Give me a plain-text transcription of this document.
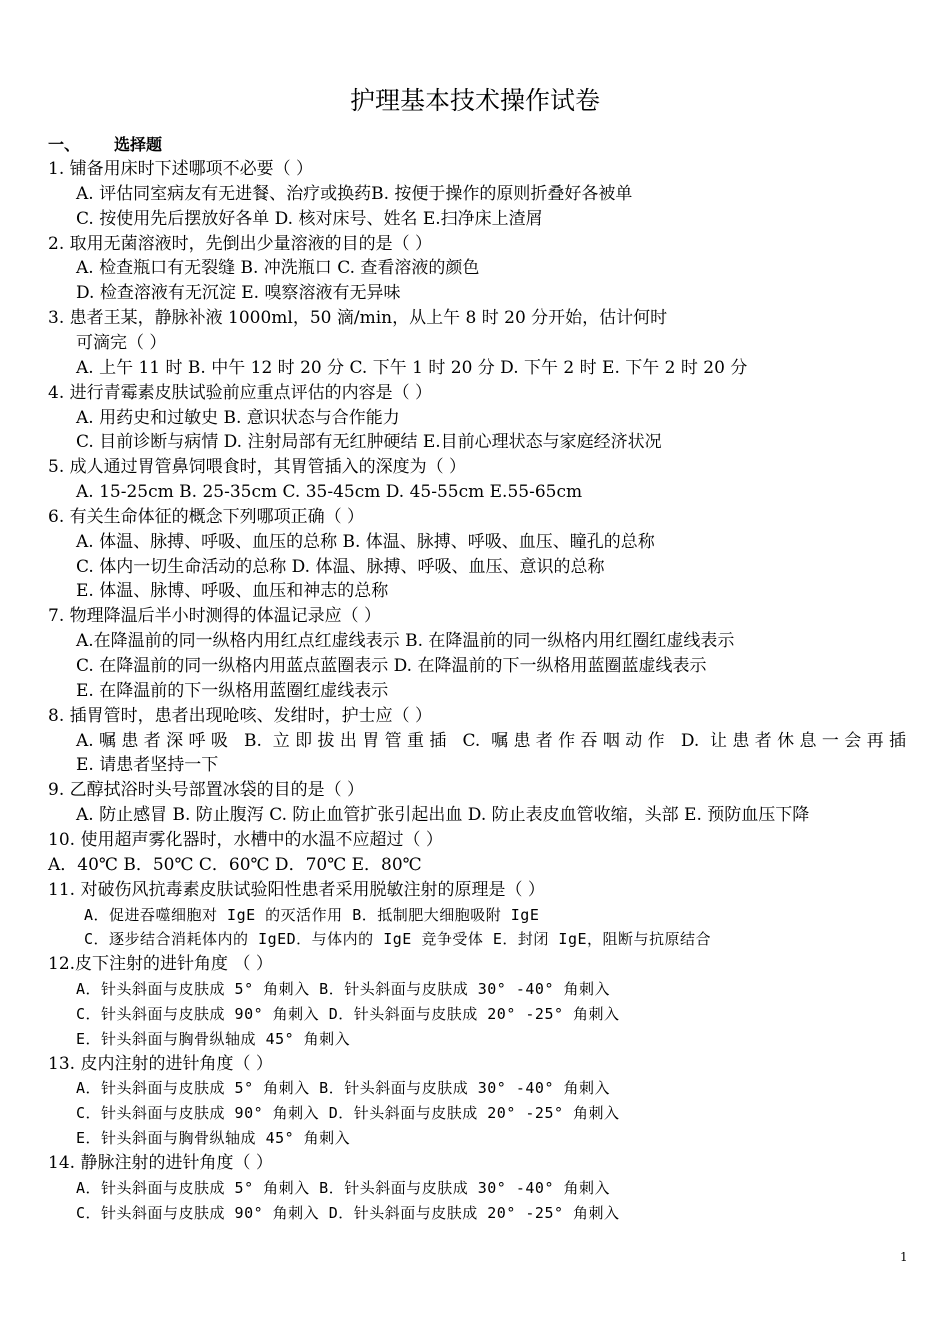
护理基本技术操作试卷
一、 选择题
1. 铺备用床时下述哪项不必要（ ）
A. 评估同室病友有无进餐、治疗或换药B. 按便于操作的原则折叠好各被单
C. 按使用先后摆放好各单 D. 核对床号、姓名 E.扫净床上渣屑
2. 取用无菌溶液时，先倒出少量溶液的目的是（ ）
A. 检查瓶口有无裂缝 B. 冲洗瓶口 C. 查看溶液的颜色
D. 检查溶液有无沉淀 E. 嗅察溶液有无异味
3. 患者王某，静脉补液 1000ml，50 滴/min，从上午 8 时 20 分开始，估计何时
可滴完（ ）
A. 上午 11 时 B. 中午 12 时 20 分 C. 下午 1 时 20 分 D. 下午 2 时 E. 下午 2 时 20 分
4. 进行青霉素皮肤试验前应重点评估的内容是（ ）
A. 用药史和过敏史 B. 意识状态与合作能力
C. 目前诊断与病情 D. 注射局部有无红肿硬结 E.目前心理状态与家庭经济状况
5. 成人通过胃管鼻饲喂食时，其胃管插入的深度为（ ）
A. 15-25cm B. 25-35cm C. 35-45cm D. 45-55cm E.55-65cm
6. 有关生命体征的概念下列哪项正确（ ）
A. 体温、脉搏、呼吸、血压的总称 B. 体温、脉搏、呼吸、血压、瞳孔的总称
C. 体内一切生命活动的总称 D. 体温、脉搏、呼吸、血压、意识的总称
E. 体温、脉博、呼吸、血压和神志的总称
7. 物理降温后半小时测得的体温记录应（ ）
A.在降温前的同一纵格内用红点红虚线表示 B. 在降温前的同一纵格内用红圈红虚线表示
C. 在降温前的同一纵格内用蓝点蓝圈表示 D. 在降温前的下一纵格用蓝圈蓝虚线表示
E. 在降温前的下一纵格用蓝圈红虚线表示
8. 插胃管时，患者出现呛咳、发绀时，护士应（ ）
A.嘱患者深呼吸 B. 立即拔出胃管重插 C. 嘱患者作吞咽动作 D. 让患者休息一会再插
E. 请患者坚持一下
9. 乙醇拭浴时头号部置冰袋的目的是（ ）
A. 防止感冒 B. 防止腹泻 C. 防止血管扩张引起出血 D. 防止表皮血管收缩，头部 E. 预防血压下降
10. 使用超声雾化器时，水槽中的水温不应超过（ ）
A．40℃ B．50℃ C．60℃ D．70℃ E．80℃
11. 对破伤风抗毒素皮肤试验阳性患者采用脱敏注射的原理是（ ）
A．促进吞噬细胞对 IgE 的灭活作用 B．抵制肥大细胞吸附 IgE
C．逐步结合消耗体内的 IgED．与体内的 IgE 竞争受体 E．封闭 IgE，阻断与抗原结合
12.皮下注射的进针角度 （ ）
A．针头斜面与皮肤成 5° 角刺入 B．针头斜面与皮肤成 30° -40° 角刺入
C．针头斜面与皮肤成 90° 角刺入 D．针头斜面与皮肤成 20° -25° 角刺入
E．针头斜面与胸骨纵轴成 45° 角刺入
13. 皮内注射的进针角度（ ）
A．针头斜面与皮肤成 5° 角刺入 B．针头斜面与皮肤成 30° -40° 角刺入
C．针头斜面与皮肤成 90° 角刺入 D．针头斜面与皮肤成 20° -25° 角刺入
E．针头斜面与胸骨纵轴成 45° 角刺入
14. 静脉注射的进针角度（ ）
A．针头斜面与皮肤成 5° 角刺入 B．针头斜面与皮肤成 30° -40° 角刺入
C．针头斜面与皮肤成 90° 角刺入 D．针头斜面与皮肤成 20° -25° 角刺入
1
